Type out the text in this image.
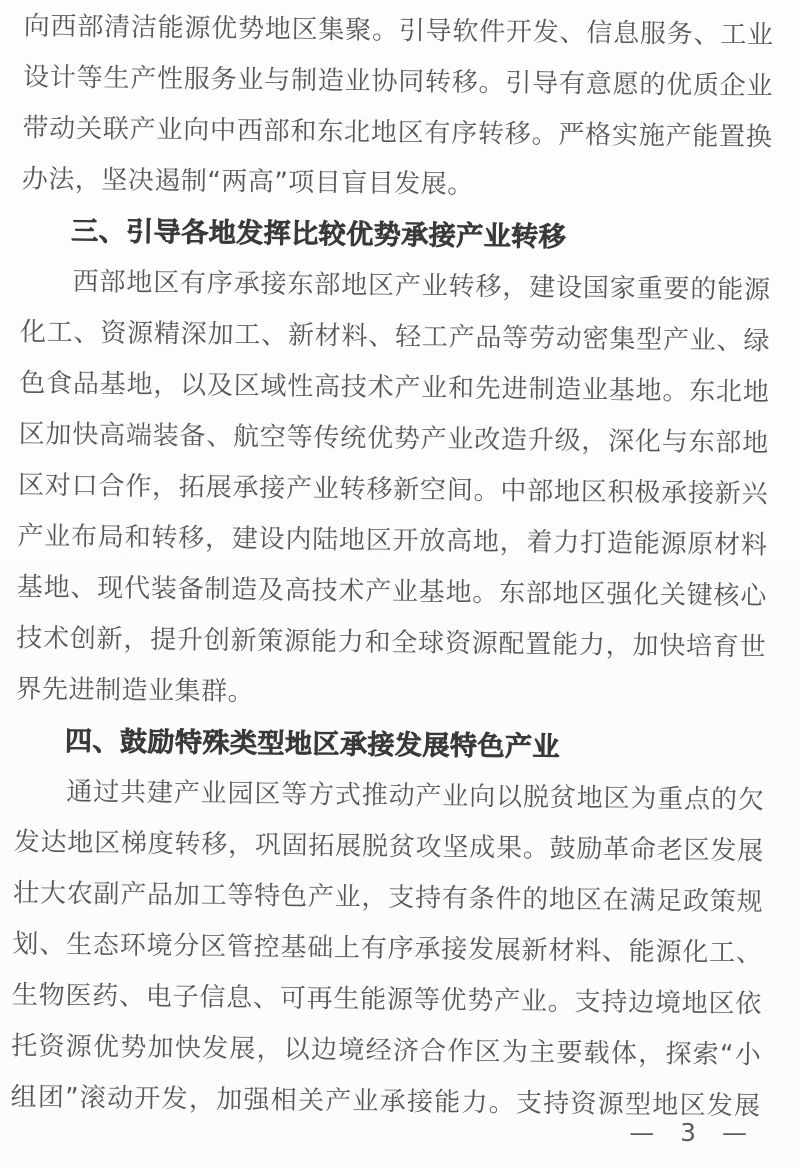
向西部清洁能源优势地区集聚。引导软件开发、信息服务、工业
设计等生产性服务业与制造业协同转移。引导有意愿的优质企业
带动关联产业向中西部和东北地区有序转移。严格实施产能置换
办法，坚决遏制“两高”项目盲目发展。
三、引导各地发挥比较优势承接产业转移
西部地区有序承接东部地区产业转移，建设国家重要的能源
化工、资源精深加工、新材料、轻工产品等劳动密集型产业、绿
色食品基地，以及区域性高技术产业和先进制造业基地。东北地
区加快高端装备、航空等传统优势产业改造升级，深化与东部地
区对口合作，拓展承接产业转移新空间。中部地区积极承接新兴
产业布局和转移，建设内陆地区开放高地，着力打造能源原材料
基地、现代装备制造及高技术产业基地。东部地区强化关键核心
技术创新，提升创新策源能力和全球资源配置能力，加快培育世
界先进制造业集群。
四、鼓励特殊类型地区承接发展特色产业
通过共建产业园区等方式推动产业向以脱贫地区为重点的欠
发达地区梯度转移，巩固拓展脱贫攻坚成果。鼓励革命老区发展
壮大农副产品加工等特色产业，支持有条件的地区在满足政策规
划、生态环境分区管控基础上有序承接发展新材料、能源化工、
生物医药、电子信息、可再生能源等优势产业。支持边境地区依
托资源优势加快发展，以边境经济合作区为主要载体，探索“小
组团”滚动开发，加强相关产业承接能力。支持资源型地区发展
— 3 —
